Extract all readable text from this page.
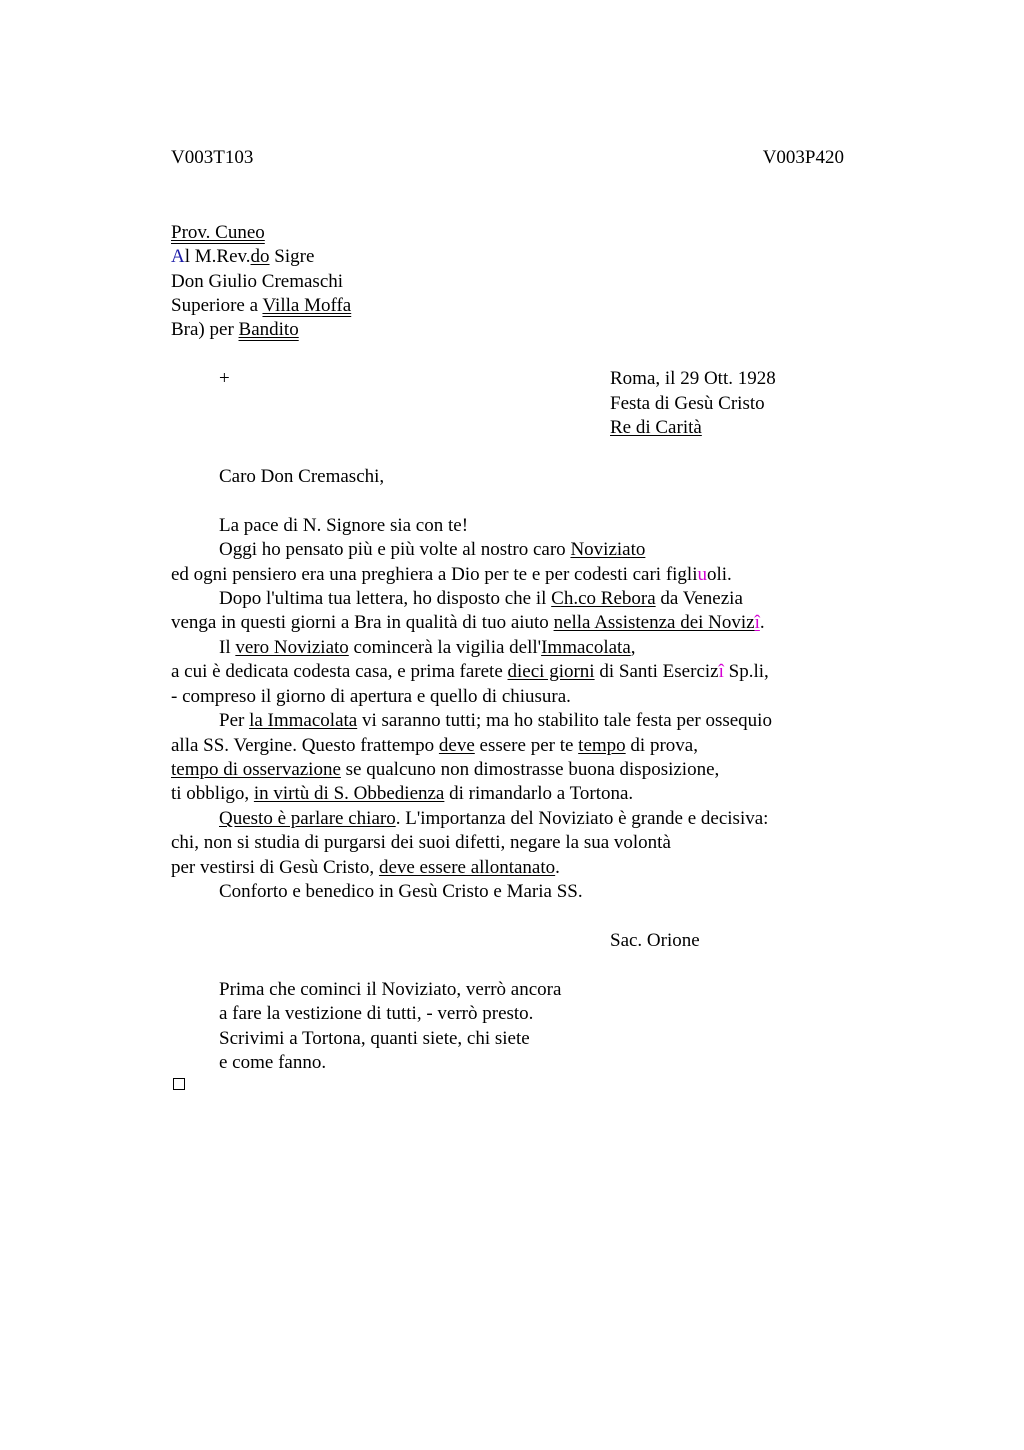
V003T103	V003P420
Prov. Cuneo
Al M.Rev.do Sigre
Don Giulio Cremaschi
Superiore a Villa Moffa
Bra) per Bandito
+	Roma, il 29 Ott. 1928
Festa di Gesù Cristo
Re di Carità
Caro Don Cremaschi,
La pace di N. Signore sia con te!
Oggi ho pensato più e più volte al nostro caro Noviziato
ed ogni pensiero era una preghiera a Dio per te e per codesti cari figliuoli.
Dopo l'ultima tua lettera, ho disposto che il Ch.co Rebora da Venezia
venga in questi giorni a Bra in qualità di tuo aiuto nella Assistenza dei Novizî.
Il vero Noviziato comincerà la vigilia dell'Immacolata,
a cui è dedicata codesta casa, e prima farete dieci giorni di Santi Esercizî Sp.li,
- compreso il giorno di apertura e quello di chiusura.
Per la Immacolata vi saranno tutti; ma ho stabilito tale festa per ossequio
alla SS. Vergine. Questo frattempo deve essere per te tempo di prova,
tempo di osservazione se qualcuno non dimostrasse buona disposizione,
ti obbligo, in virtù di S. Obbedienza di rimandarlo a Tortona.
Questo è parlare chiaro. L'importanza del Noviziato è grande e decisiva:
chi, non si studia di purgarsi dei suoi difetti, negare la sua volontà
per vestirsi di Gesù Cristo, deve essere allontanato.
Conforto e benedico in Gesù Cristo e Maria SS.
Sac. Orione
Prima che cominci il Noviziato, verrò ancora
a fare la vestizione di tutti, - verrò presto.
Scrivimi a Tortona, quanti siete, chi siete
e come fanno.
